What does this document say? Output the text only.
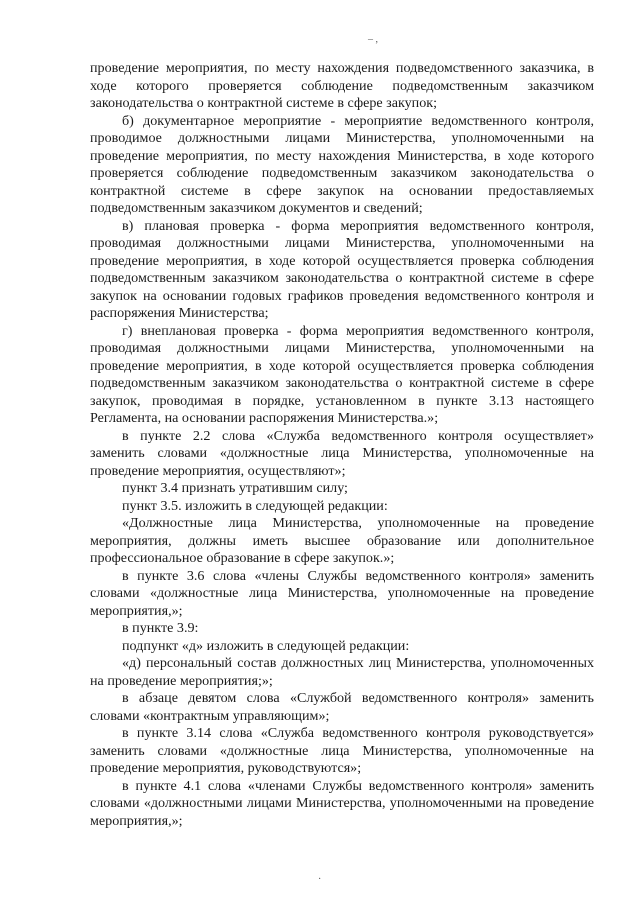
– ,

проведение мероприятия, по месту нахождения подведомственного заказчика, в ходе которого проверяется соблюдение подведомственным заказчиком законодательства о контрактной системе в сфере закупок;

б) документарное мероприятие - мероприятие ведомственного контроля, проводимое должностными лицами Министерства, уполномоченными на проведение мероприятия, по месту нахождения Министерства, в ходе которого проверяется соблюдение подведомственным заказчиком законодательства о контрактной системе в сфере закупок на основании предоставляемых подведомственным заказчиком документов и сведений;

в) плановая проверка - форма мероприятия ведомственного контроля, проводимая должностными лицами Министерства, уполномоченными на проведение мероприятия, в ходе которой осуществляется проверка соблюдения подведомственным заказчиком законодательства о контрактной системе в сфере закупок на основании годовых графиков проведения ведомственного контроля и распоряжения Министерства;

г) внеплановая проверка - форма мероприятия ведомственного контроля, проводимая должностными лицами Министерства, уполномоченными на проведение мероприятия, в ходе которой осуществляется проверка соблюдения подведомственным заказчиком законодательства о контрактной системе в сфере закупок, проводимая в порядке, установленном в пункте 3.13 настоящего Регламента, на основании распоряжения Министерства.»;

в пункте 2.2 слова «Служба ведомственного контроля осуществляет» заменить словами «должностные лица Министерства, уполномоченные на проведение мероприятия, осуществляют»;

пункт 3.4 признать утратившим силу;

пункт 3.5. изложить в следующей редакции:

«Должностные лица Министерства, уполномоченные на проведение мероприятия, должны иметь высшее образование или дополнительное профессиональное образование в сфере закупок.»;

в пункте 3.6 слова «члены Службы ведомственного контроля» заменить словами «должностные лица Министерства, уполномоченные на проведение мероприятия,»;

в пункте 3.9:

подпункт «д» изложить в следующей редакции:

«д) персональный состав должностных лиц Министерства, уполномоченных на проведение мероприятия;»;

в абзаце девятом слова «Службой ведомственного контроля» заменить словами «контрактным управляющим»;

в пункте 3.14 слова «Служба ведомственного контроля руководствуется» заменить словами «должностные лица Министерства, уполномоченные на проведение мероприятия, руководствуются»;

в пункте 4.1 слова «членами Службы ведомственного контроля» заменить словами «должностными лицами Министерства, уполномоченными на проведение мероприятия,»;

·
